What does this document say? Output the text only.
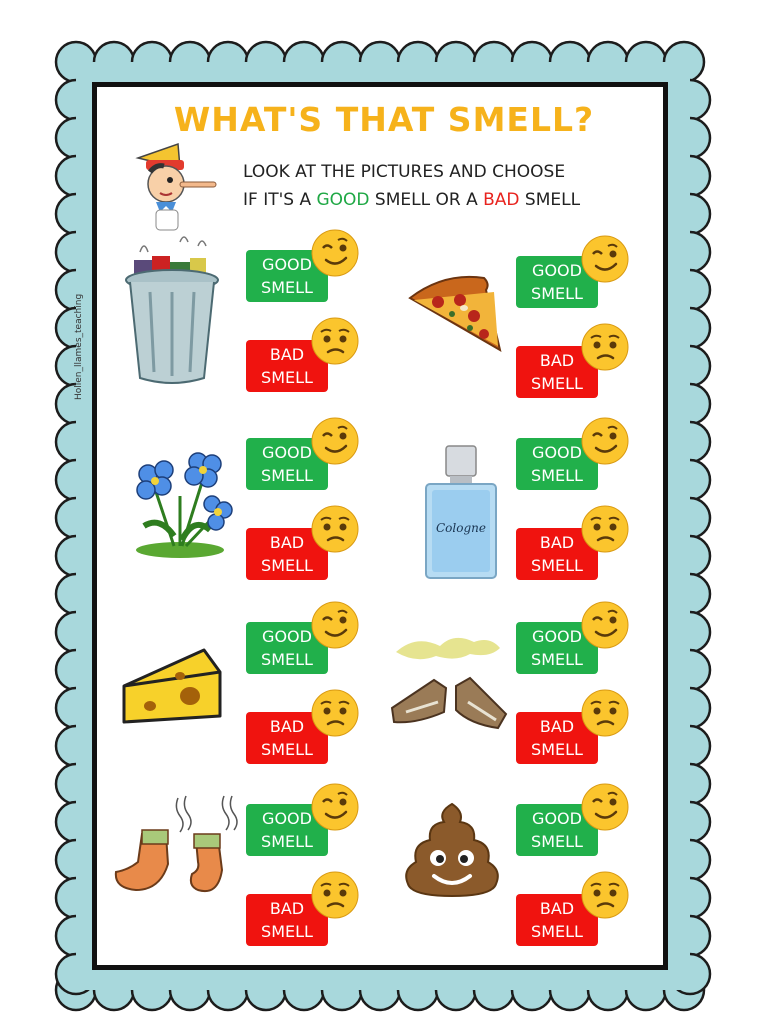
WHAT'S THAT SMELL?
LOOK AT THE PICTURES AND CHOOSE
IF IT'S A GOOD SMELL OR A BAD SMELL
Hollen_llames_teaching
Cologne
GOOD
SMELL
BAD
SMELL
GOOD
SMELL
BAD
SMELL
GOOD
SMELL
BAD
SMELL
GOOD
SMELL
BAD
SMELL
GOOD
SMELL
BAD
SMELL
GOOD
SMELL
BAD
SMELL
GOOD
SMELL
BAD
SMELL
GOOD
SMELL
BAD
SMELL
